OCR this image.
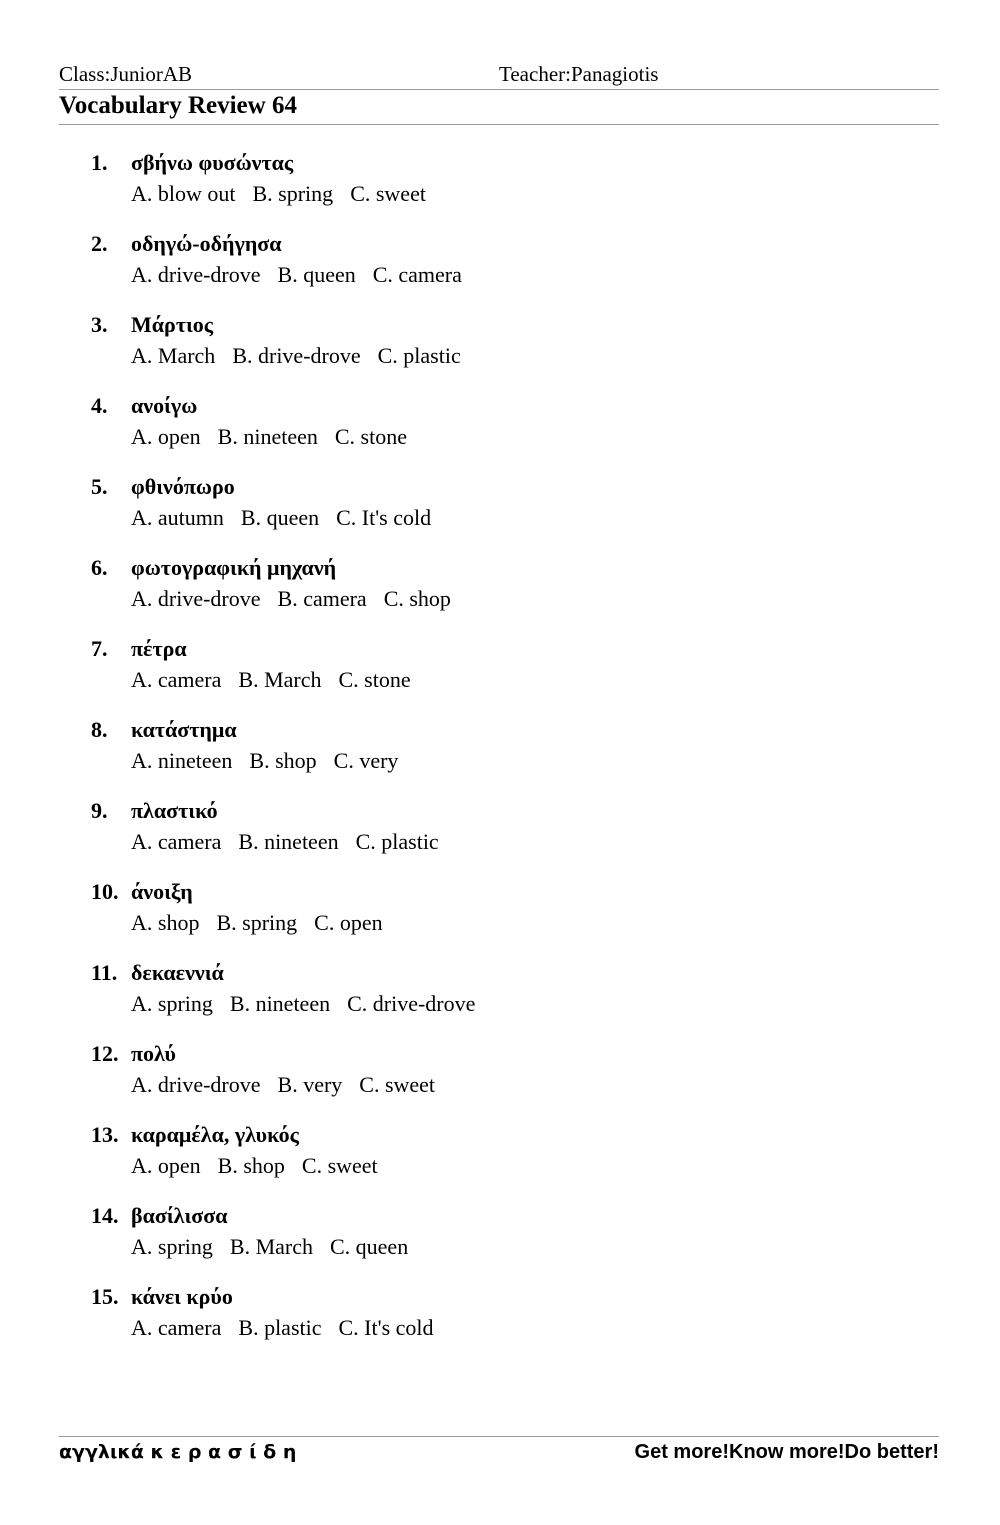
Class:JuniorAB	Teacher:Panagiotis
Vocabulary Review 64
1. σβήνω φυσώντας
A. blow out B. spring C. sweet
2. οδηγώ-οδήγησα
A. drive-drove B. queen C. camera
3. Μάρτιος
A. March B. drive-drove C. plastic
4. ανοίγω
A. open B. nineteen C. stone
5. φθινόπωρο
A. autumn B. queen C. It's cold
6. φωτογραφική μηχανή
A. drive-drove B. camera C. shop
7. πέτρα
A. camera B. March C. stone
8. κατάστημα
A. nineteen B. shop C. very
9. πλαστικό
A. camera B. nineteen C. plastic
10. άνοιξη
A. shop B. spring C. open
11. δεκαεννιά
A. spring B. nineteen C. drive-drove
12. πολύ
A. drive-drove B. very C. sweet
13. καραμέλα, γλυκός
A. open B. shop C. sweet
14. βασίλισσα
A. spring B. March C. queen
15. κάνει κρύο
A. camera B. plastic C. It's cold
αγγλικά κ ε ρ α σ ί δ η	Get more!Know more!Do better!
